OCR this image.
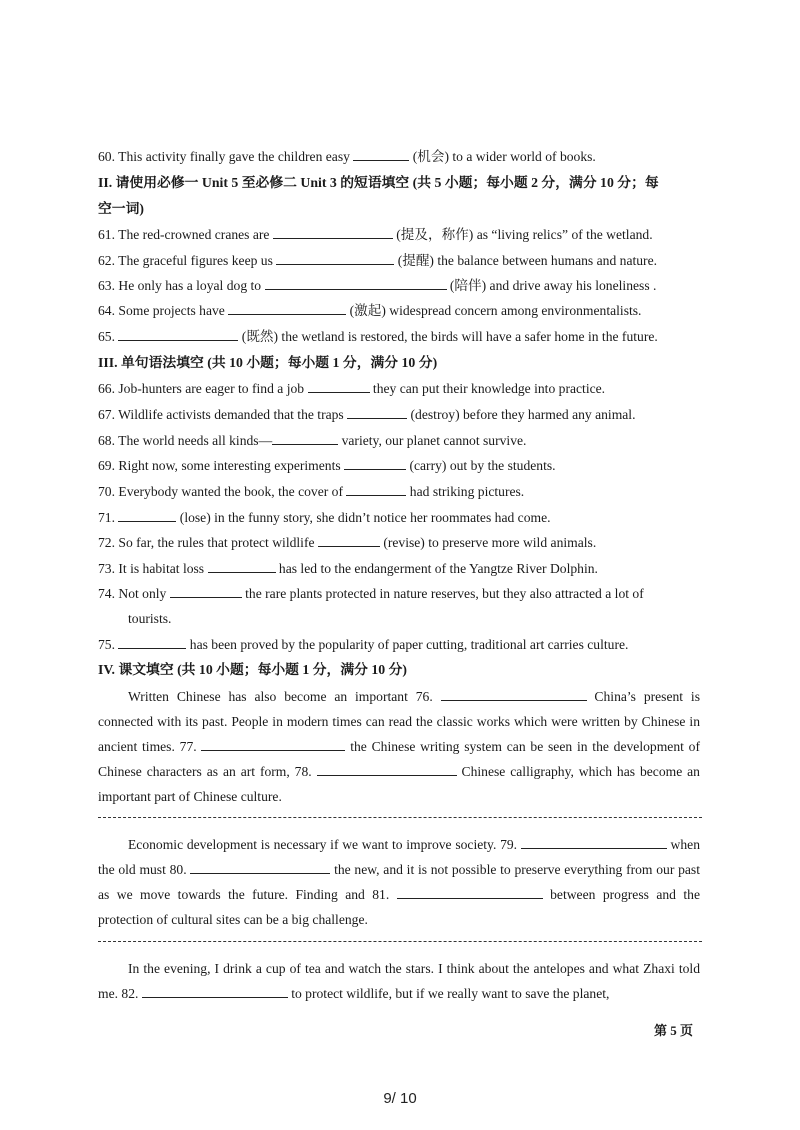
60. This activity finally gave the children easy	(机会) to a wider world of books.
II. 请使用必修一 Unit 5 至必修二 Unit 3 的短语填空 (共 5 小题；每小题 2 分，满分 10 分；每
空一词)
61. The red-crowned cranes are	(提及，称作) as “living relics” of the wetland.
62. The graceful figures keep us	(提醒) the balance between humans and nature.
63. He only has a loyal dog to	(陪伴) and drive away his loneliness .
64. Some projects have	(激起) widespread concern among environmentalists.
65.	(既然) the wetland is restored, the birds will have a safer home in the future.
III. 单句语法填空 (共 10 小题；每小题 1 分，满分 10 分)
66. Job-hunters are eager to find a job	they can put their knowledge into practice.
67. Wildlife activists demanded that the traps	(destroy) before they harmed any animal.
68. The world needs all kinds—	variety, our planet cannot survive.
69. Right now, some interesting experiments	(carry) out by the students.
70. Everybody wanted the book, the cover of	had striking pictures.
71.	(lose) in the funny story, she didn’t notice her roommates had come.
72. So far, the rules that protect wildlife	(revise) to preserve more wild animals.
73. It is habitat loss	has led to the endangerment of the Yangtze River Dolphin.
74. Not only	the rare plants protected in nature reserves, but they also attracted a lot of
tourists.
75.	has been proved by the popularity of paper cutting, traditional art carries culture.
IV. 课文填空 (共 10 小题；每小题 1 分，满分 10 分)
Written Chinese has also become an important 76.	China’s present is connected with its past. People in modern times can read the classic works which were written by Chinese in ancient times. 77.	the Chinese writing system can be seen in the development of Chinese characters as an art form, 78.	Chinese calligraphy, which has become an important part of Chinese culture.
Economic development is necessary if we want to improve society. 79.	when the old must 80.	the new, and it is not possible to preserve everything from our past as we move towards the future. Finding and 81.	between progress and the protection of cultural sites can be a big challenge.
In the evening, I drink a cup of tea and watch the stars. I think about the antelopes and what Zhaxi told me. 82.	to protect wildlife, but if we really want to save the planet,
第 5 页
9/ 10
